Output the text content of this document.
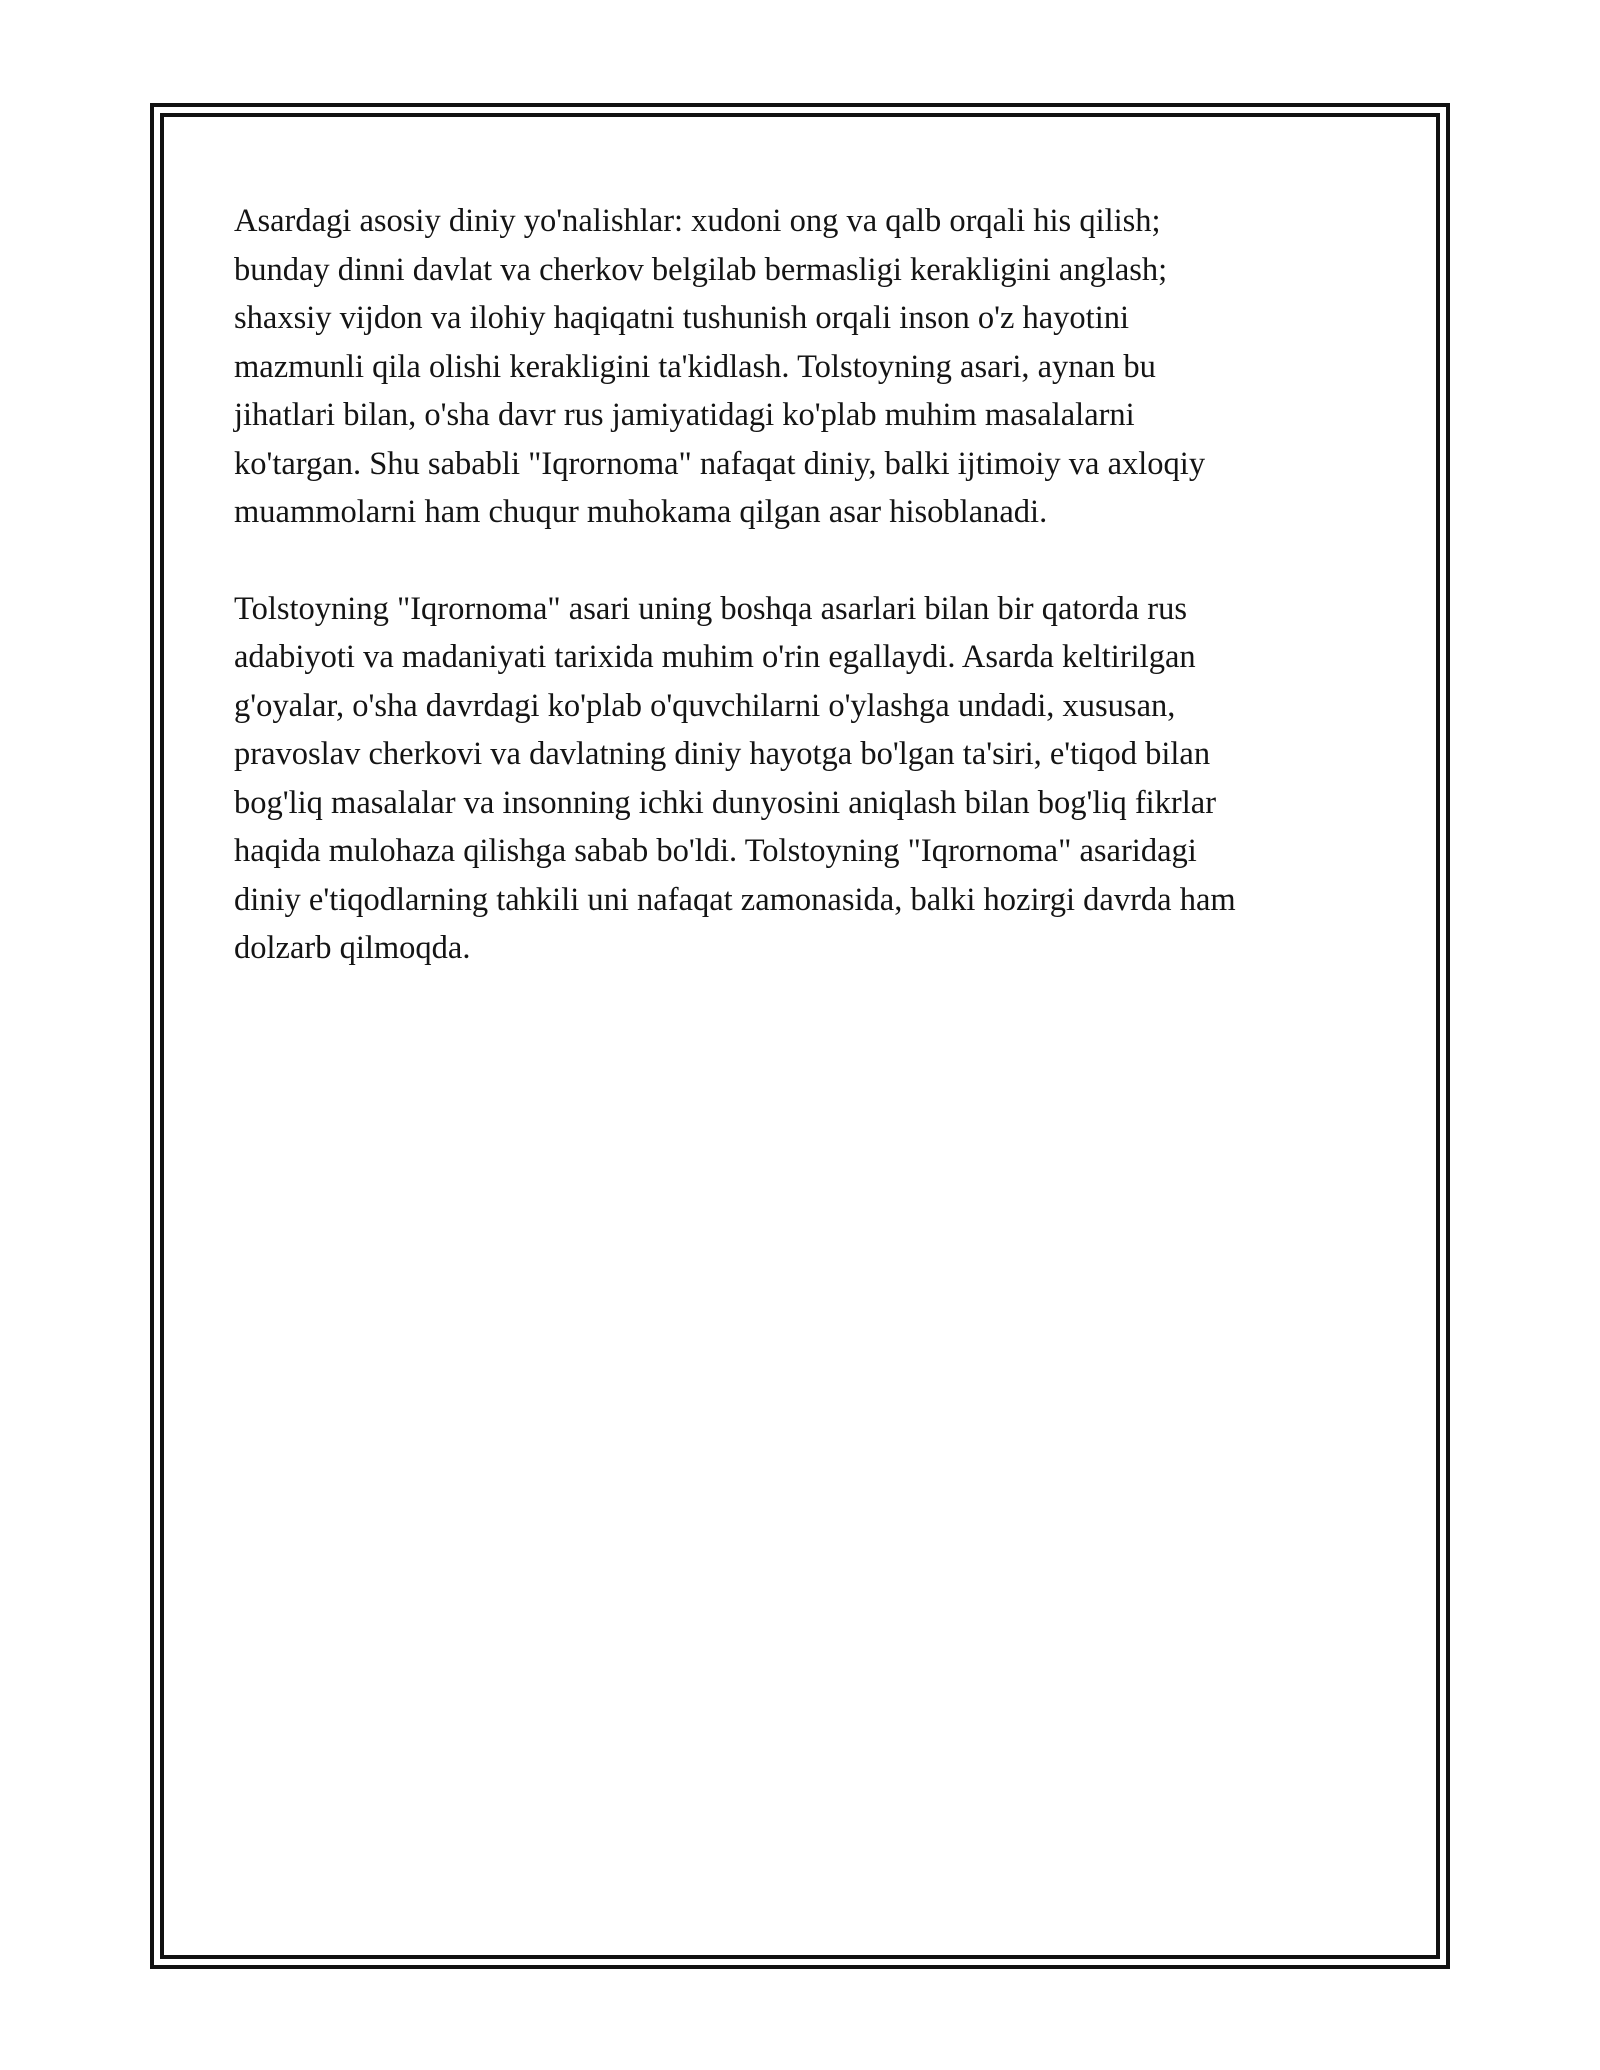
Asardagi asosiy diniy yo'nalishlar: xudoni ong va qalb orqali his qilish;
bunday dinni davlat va cherkov belgilab bermasligi kerakligini anglash;
shaxsiy vijdon va ilohiy haqiqatni tushunish orqali inson o'z hayotini
mazmunli qila olishi kerakligini ta'kidlash. Tolstoyning asari, aynan bu
jihatlari bilan, o'sha davr rus jamiyatidagi ko'plab muhim masalalarni
ko'targan. Shu sababli "Iqrornoma" nafaqat diniy, balki ijtimoiy va axloqiy
muammolarni ham chuqur muhokama qilgan asar hisoblanadi.

Tolstoyning "Iqrornoma" asari uning boshqa asarlari bilan bir qatorda rus
adabiyoti va madaniyati tarixida muhim o'rin egallaydi. Asarda keltirilgan
g'oyalar, o'sha davrdagi ko'plab o'quvchilarni o'ylashga undadi, xususan,
pravoslav cherkovi va davlatning diniy hayotga bo'lgan ta'siri, e'tiqod bilan
bog'liq masalalar va insonning ichki dunyosini aniqlash bilan bog'liq fikrlar
haqida mulohaza qilishga sabab bo'ldi. Tolstoyning "Iqrornoma" asaridagi
diniy e'tiqodlarning tahkili uni nafaqat zamonasida, balki hozirgi davrda ham
dolzarb qilmoqda.
